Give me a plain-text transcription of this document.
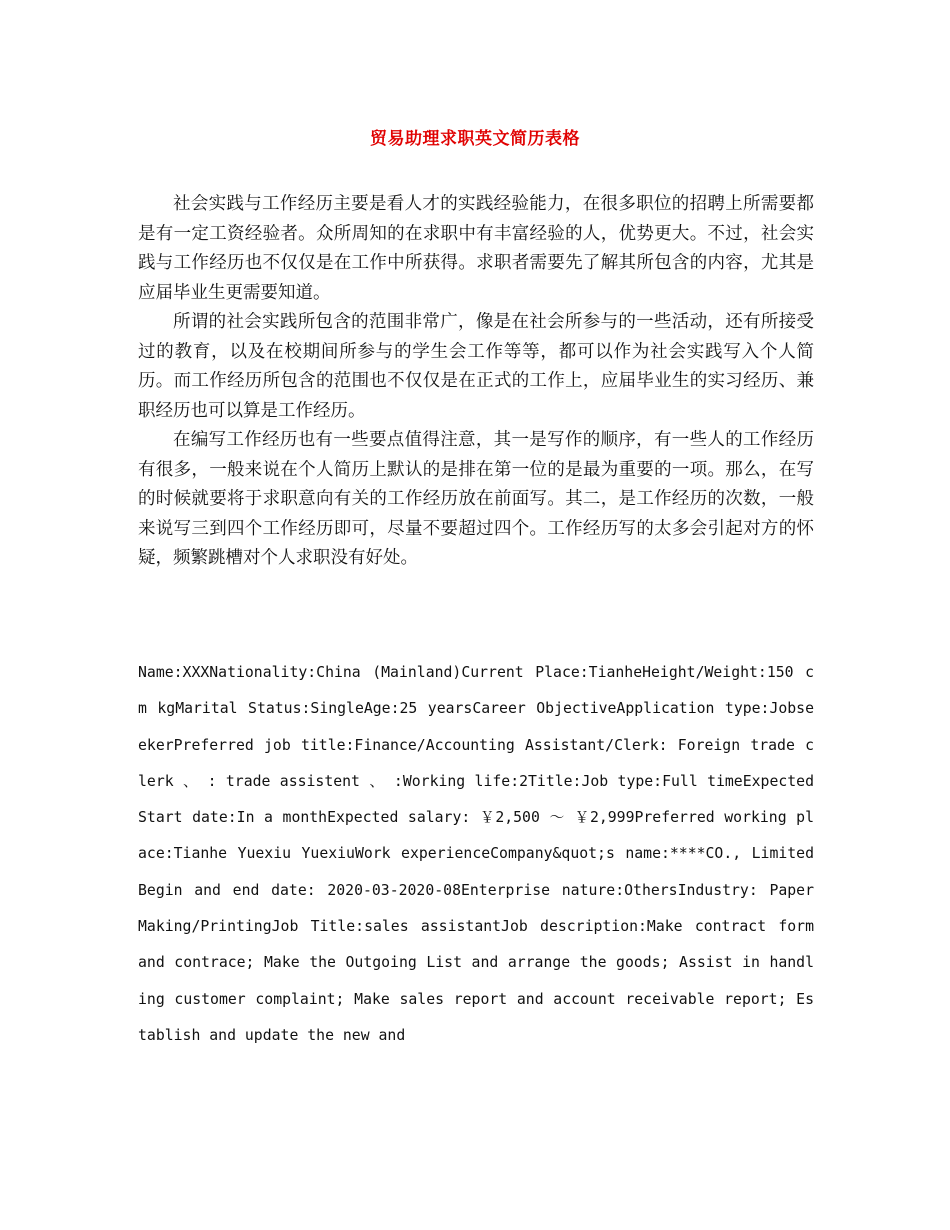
贸易助理求职英文简历表格

社会实践与工作经历主要是看人才的实践经验能力，在很多职位的招聘上所需要都是有一定工资经验者。众所周知的在求职中有丰富经验的人，优势更大。不过，社会实践与工作经历也不仅仅是在工作中所获得。求职者需要先了解其所包含的内容，尤其是应届毕业生更需要知道。

所谓的社会实践所包含的范围非常广，像是在社会所参与的一些活动，还有所接受过的教育，以及在校期间所参与的学生会工作等等，都可以作为社会实践写入个人简历。而工作经历所包含的范围也不仅仅是在正式的工作上，应届毕业生的实习经历、兼职经历也可以算是工作经历。

在编写工作经历也有一些要点值得注意，其一是写作的顺序，有一些人的工作经历有很多，一般来说在个人简历上默认的是排在第一位的是最为重要的一项。那么，在写的时候就要将于求职意向有关的工作经历放在前面写。其二，是工作经历的次数，一般来说写三到四个工作经历即可，尽量不要超过四个。工作经历写的太多会引起对方的怀疑，频繁跳槽对个人求职没有好处。

Name:XXXNationality:China (Mainland)Current Place:TianheHeight/Weight:150 cm kgMarital Status:SingleAge:25 yearsCareer ObjectiveApplication type:JobseekerPreferred job title:Finance/Accounting Assistant/Clerk: Foreign trade clerk 、 : trade assistent 、 :Working life:2Title:Job type:Full timeExpected Start date:In a monthExpected salary: ￥2,500 ～ ￥2,999Preferred working place:Tianhe Yuexiu YuexiuWork experienceCompany&quot;s name:****CO., LimitedBegin and end date: 2020-03-2020-08Enterprise nature:OthersIndustry: Paper Making/PrintingJob Title:sales assistantJob description:Make contract form and contrace; Make the Outgoing List and arrange the goods; Assist in handling customer complaint; Make sales report and account receivable report; Establish and update the new and
